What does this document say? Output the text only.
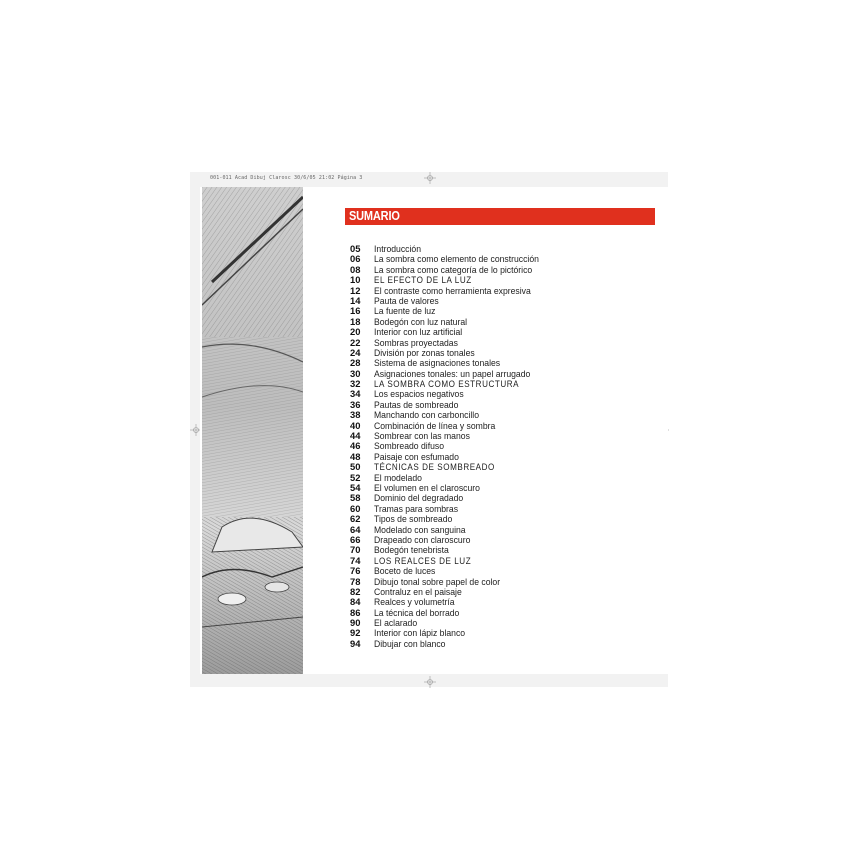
001-011 Acad Dibuj Clarosc 30/6/05 21:02 Página 3
SUMARIO
05 Introducción
06 La sombra como elemento de construcción
08 La sombra como categoría de lo pictórico
10 EL EFECTO DE LA LUZ
12 El contraste como herramienta expresiva
14 Pauta de valores
16 La fuente de luz
18 Bodegón con luz natural
20 Interior con luz artificial
22 Sombras proyectadas
24 División por zonas tonales
28 Sistema de asignaciones tonales
30 Asignaciones tonales: un papel arrugado
32 LA SOMBRA COMO ESTRUCTURA
34 Los espacios negativos
36 Pautas de sombreado
38 Manchando con carboncillo
40 Combinación de línea y sombra
44 Sombrear con las manos
46 Sombreado difuso
48 Paisaje con esfumado
50 TÉCNICAS DE SOMBREADO
52 El modelado
54 El volumen en el claroscuro
58 Dominio del degradado
60 Tramas para sombras
62 Tipos de sombreado
64 Modelado con sanguina
66 Drapeado con claroscuro
70 Bodegón tenebrista
74 LOS REALCES DE LUZ
76 Boceto de luces
78 Dibujo tonal sobre papel de color
82 Contraluz en el paisaje
84 Realces y volumetría
86 La técnica del borrado
90 El aclarado
92 Interior con lápiz blanco
94 Dibujar con blanco
